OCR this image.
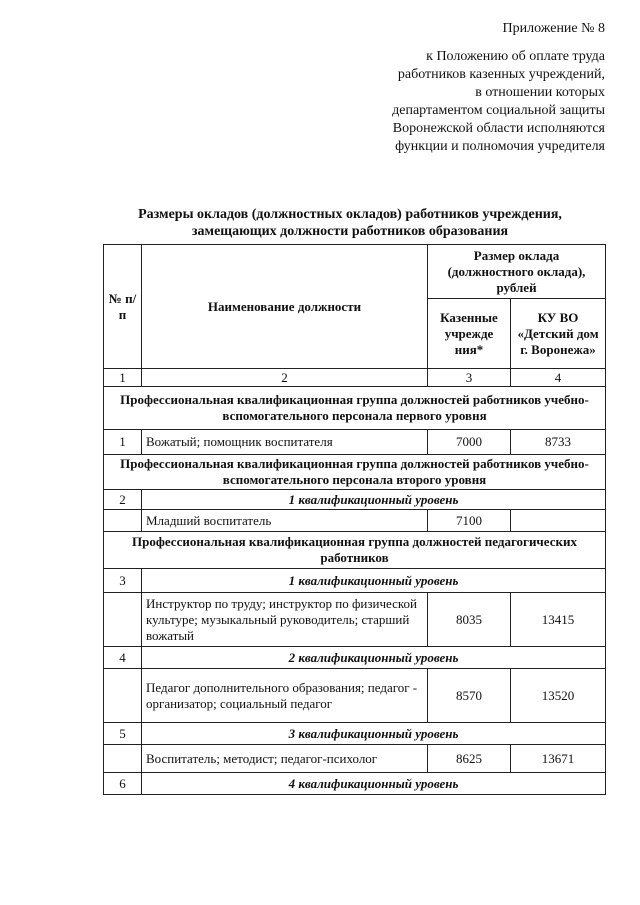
Приложение № 8
к Положению об оплате труда
работников казенных учреждений,
в отношении которых
департаментом социальной защиты
Воронежской области исполняются
функции и полномочия учредителя
Размеры окладов (должностных окладов) работников учреждения,
замещающих должности работников образования
№ п/п	Наименование должности	Размер оклада (должностного оклада), рублей	
		Казенные учрежде ния*	КУ ВО «Детский дом г. Воронежа»
1	2	3	4
Профессиональная квалификационная группа должностей работников учебно-вспомогательного персонала первого уровня			
1	Вожатый; помощник воспитателя	7000	8733
Профессиональная квалификационная группа должностей работников учебно-вспомогательного персонала второго уровня			
2	1 квалификационный уровень		
	Младший воспитатель	7100	
Профессиональная квалификационная группа должностей педагогических работников			
3	1 квалификационный уровень		
	Инструктор по труду; инструктор по физической культуре; музыкальный руководитель; старший вожатый	8035	13415
4	2 квалификационный уровень		
	Педагог дополнительного образования; педагог - организатор; социальный педагог	8570	13520
5	3 квалификационный уровень		
	Воспитатель; методист; педагог-психолог	8625	13671
6	4 квалификационный уровень		
